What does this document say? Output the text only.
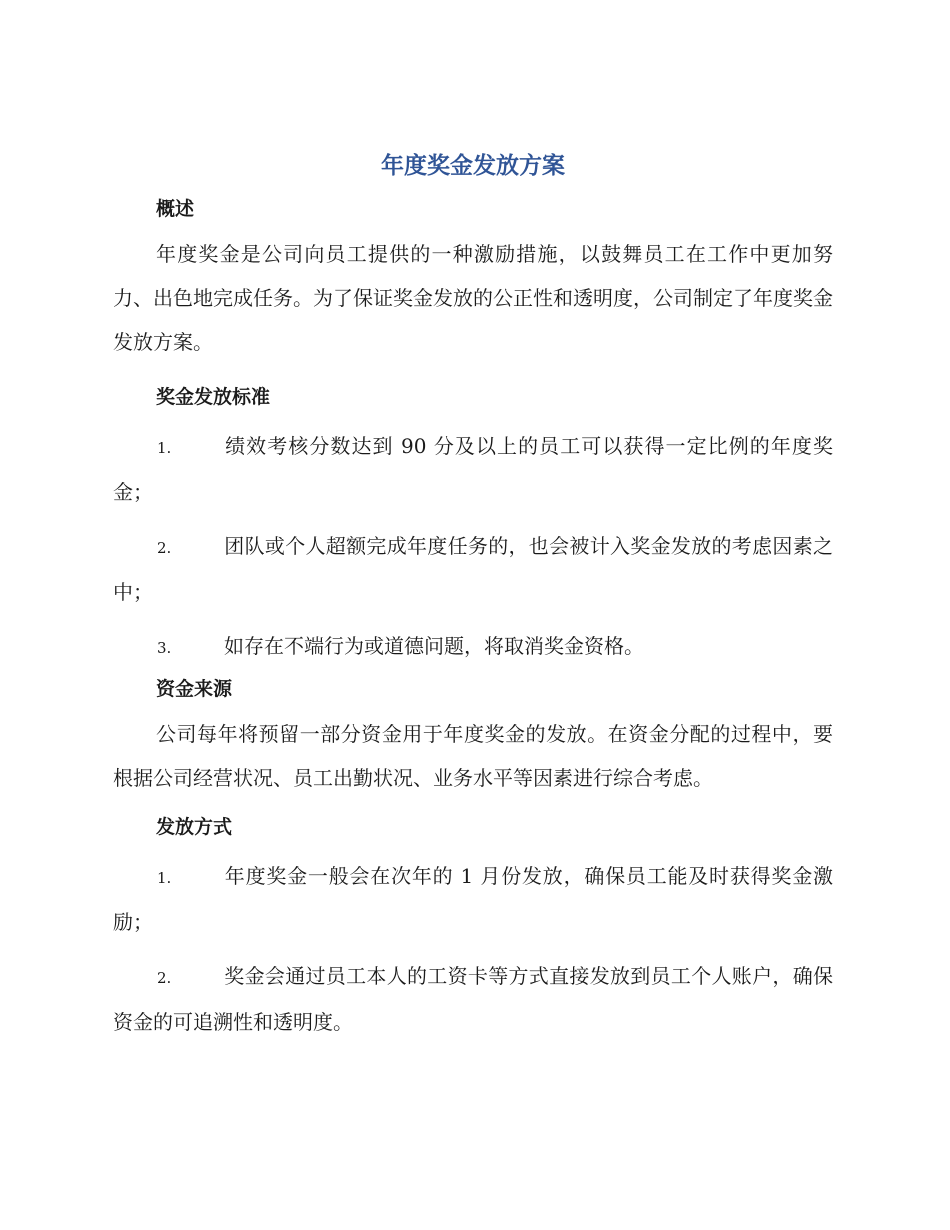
年度奖金发放方案
概述

年度奖金是公司向员工提供的一种激励措施，以鼓舞员工在工作中更加努力、出色地完成任务。为了保证奖金发放的公正性和透明度，公司制定了年度奖金发放方案。

奖金发放标准

1.	绩效考核分数达到 90 分及以上的员工可以获得一定比例的年度奖金；

2.	团队或个人超额完成年度任务的，也会被计入奖金发放的考虑因素之中；

3.	如存在不端行为或道德问题，将取消奖金资格。

资金来源

公司每年将预留一部分资金用于年度奖金的发放。在资金分配的过程中，要根据公司经营状况、员工出勤状况、业务水平等因素进行综合考虑。

发放方式

1.	年度奖金一般会在次年的 1 月份发放，确保员工能及时获得奖金激励；

2.	奖金会通过员工本人的工资卡等方式直接发放到员工个人账户，确保资金的可追溯性和透明度。
